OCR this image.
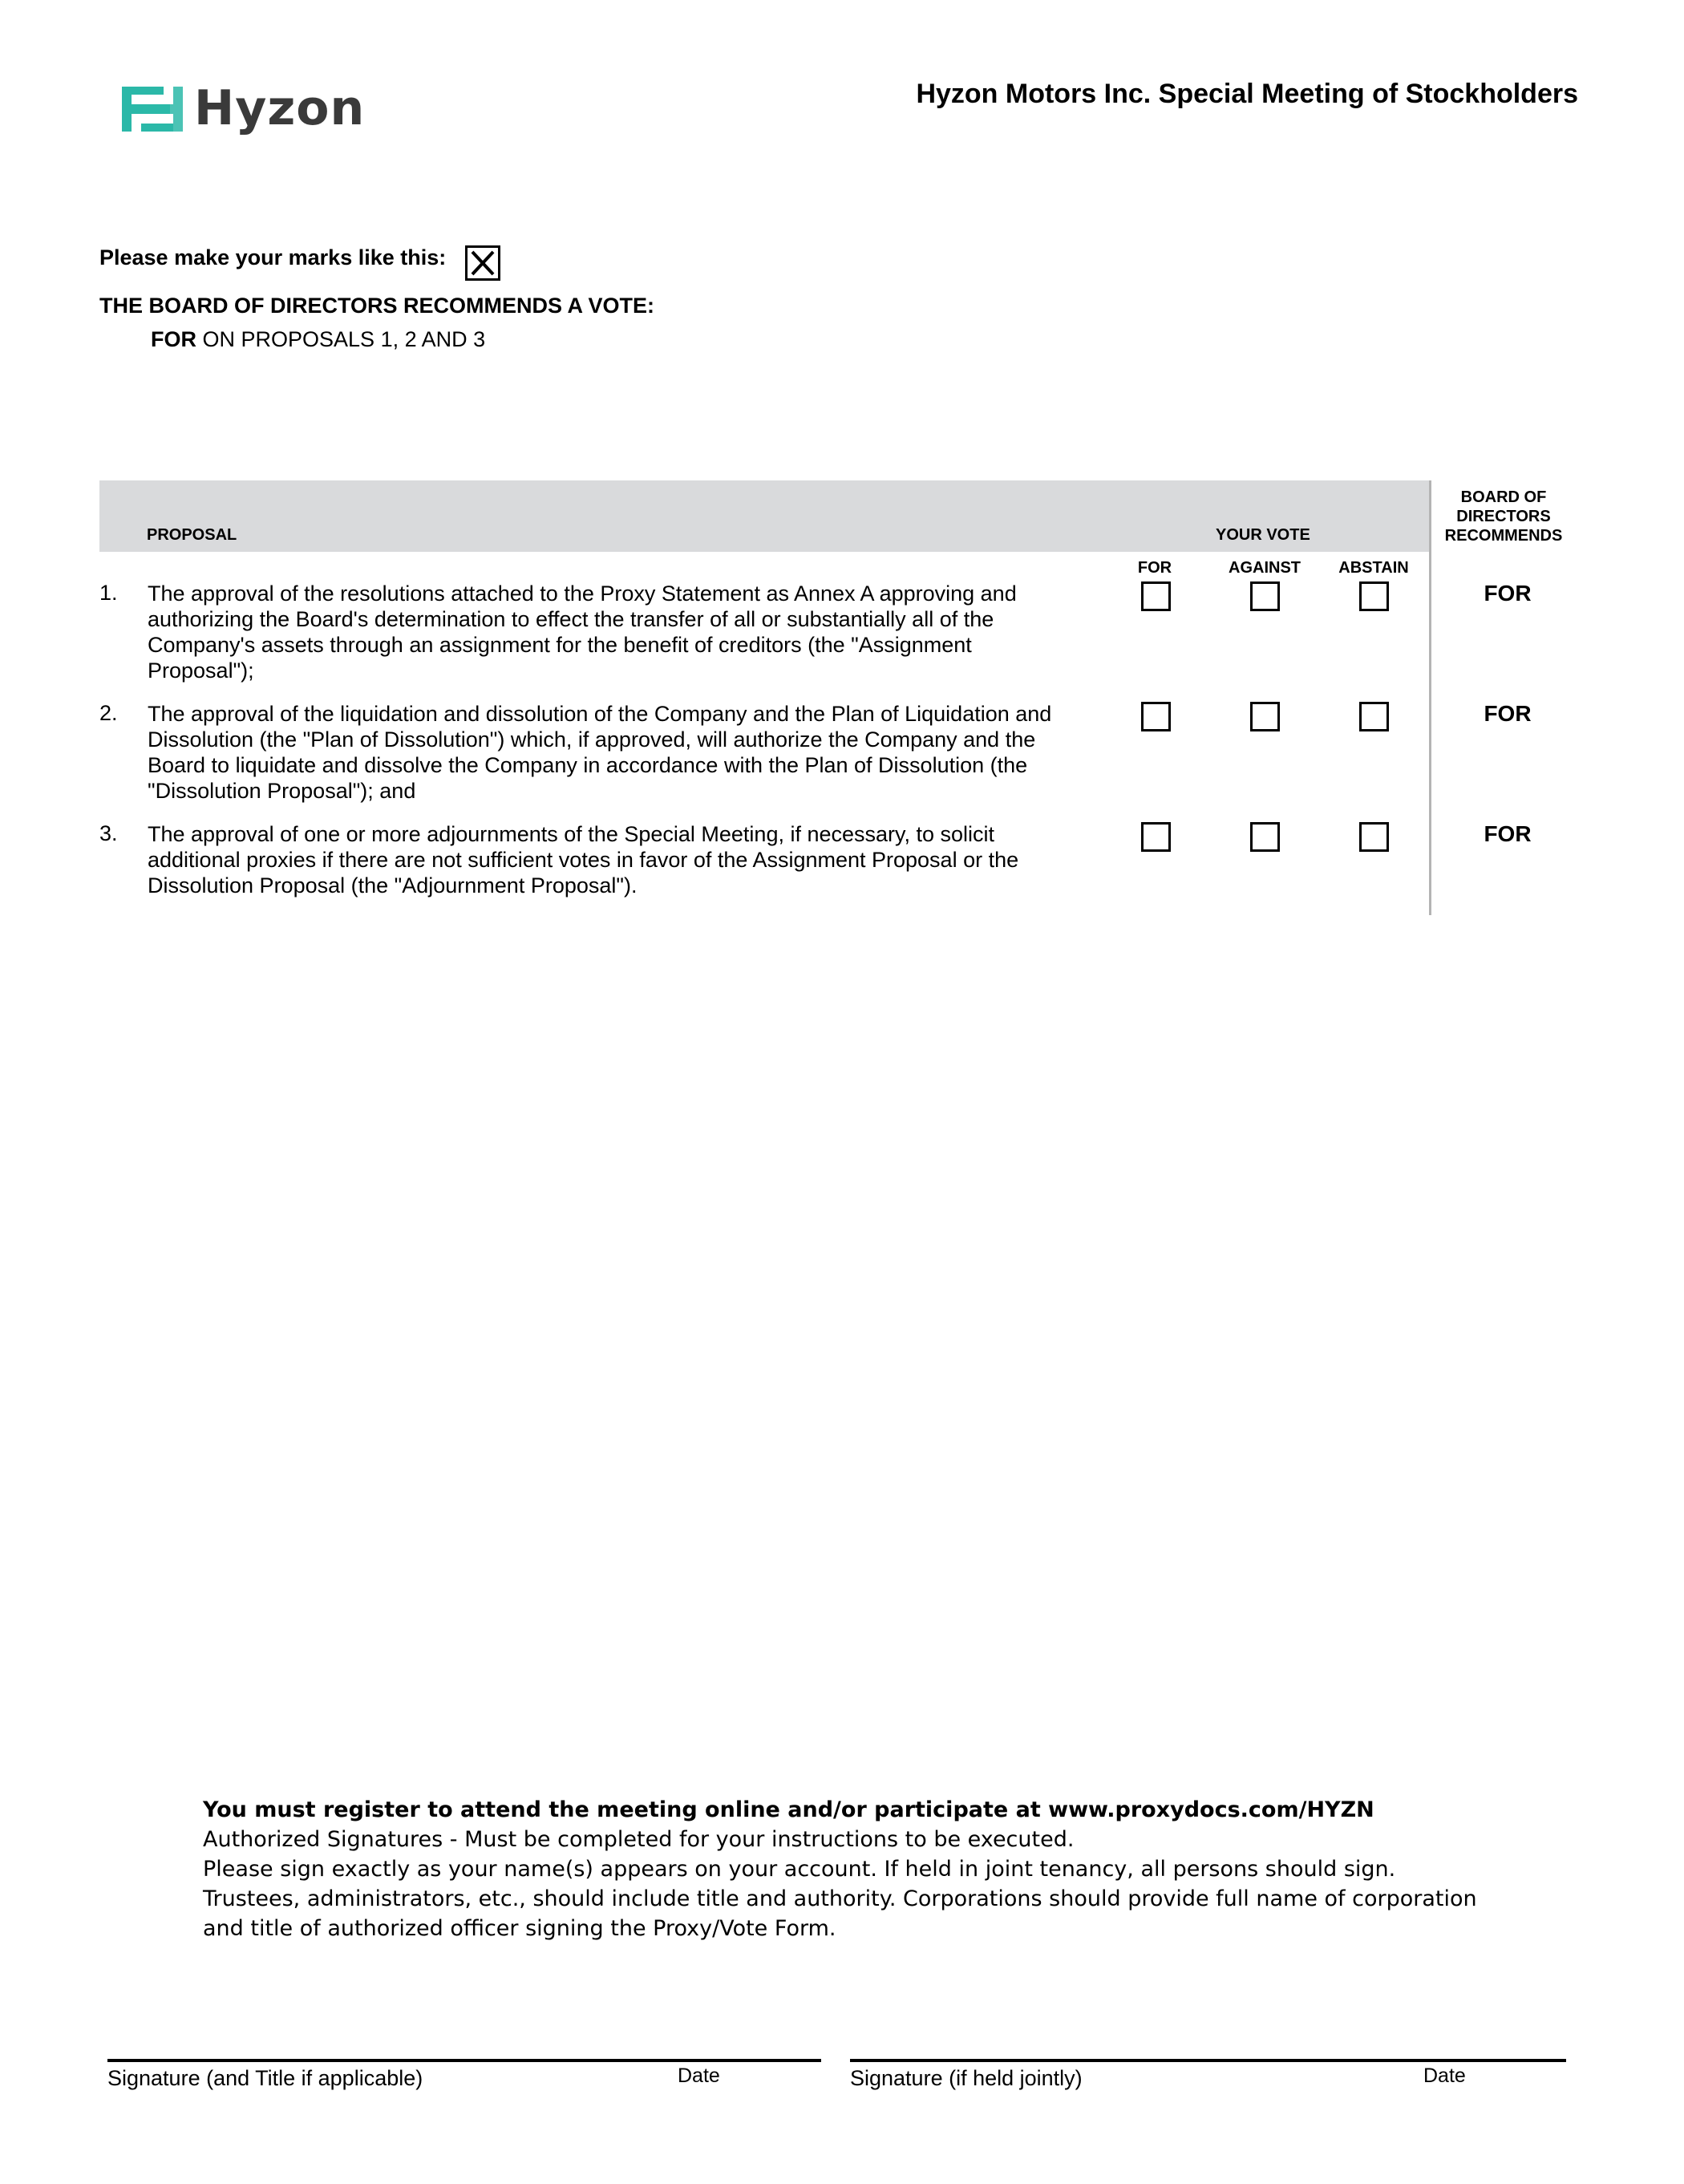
Hyzon	Hyzon Motors Inc. Special Meeting of Stockholders
Please make your marks like this:
THE BOARD OF DIRECTORS RECOMMENDS A VOTE:
FOR ON PROPOSALS 1, 2 AND 3
PROPOSAL	YOUR VOTE
BOARD OF DIRECTORS RECOMMENDS
FOR	AGAINST	ABSTAIN
1. The approval of the resolutions attached to the Proxy Statement as Annex A approving and authorizing the Board's determination to effect the transfer of all or substantially all of the Company's assets through an assignment for the benefit of creditors (the "Assignment Proposal");
FOR
2. The approval of the liquidation and dissolution of the Company and the Plan of Liquidation and Dissolution (the "Plan of Dissolution") which, if approved, will authorize the Company and the Board to liquidate and dissolve the Company in accordance with the Plan of Dissolution (the "Dissolution Proposal"); and
FOR
3. The approval of one or more adjournments of the Special Meeting, if necessary, to solicit additional proxies if there are not sufficient votes in favor of the Assignment Proposal or the Dissolution Proposal (the "Adjournment Proposal").
FOR
You must register to attend the meeting online and/or participate at www.proxydocs.com/HYZN
Authorized Signatures - Must be completed for your instructions to be executed.
Please sign exactly as your name(s) appears on your account. If held in joint tenancy, all persons should sign. Trustees, administrators, etc., should include title and authority. Corporations should provide full name of corporation and title of authorized officer signing the Proxy/Vote Form.
Signature (and Title if applicable)	Date	Signature (if held jointly)	Date
